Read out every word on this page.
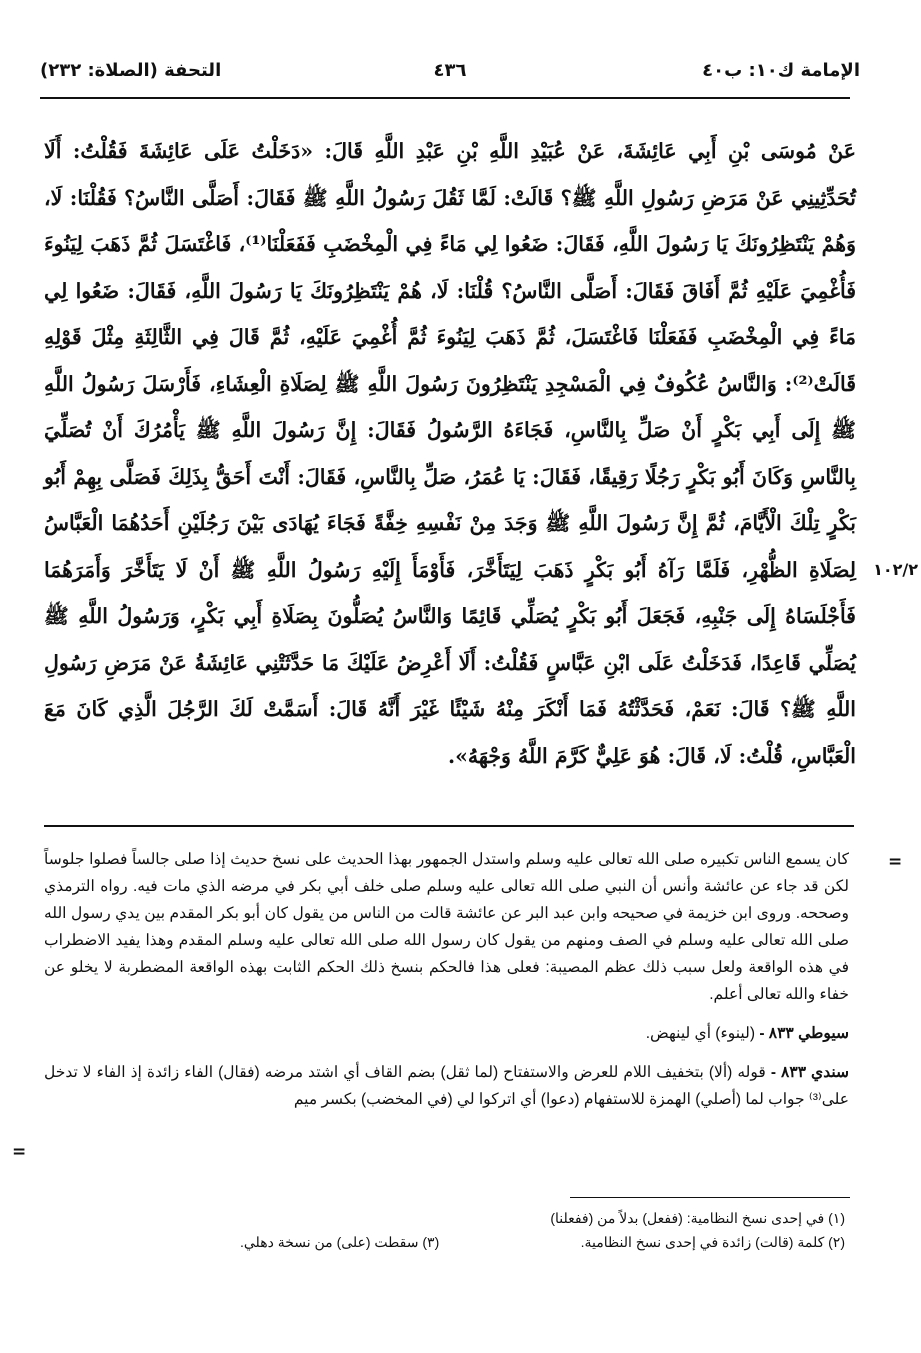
الإمامة ك١٠: ب٤٠
٤٣٦
التحفة (الصلاة: ٢٣٢)

عَنْ مُوسَى بْنِ أَبِي عَائِشَةَ، عَنْ عُبَيْدِ اللَّهِ بْنِ عَبْدِ اللَّهِ قَالَ: «دَخَلْتُ عَلَى عَائِشَةَ فَقُلْتُ: أَلَا تُحَدِّثِينِي عَنْ مَرَضِ رَسُولِ اللَّهِ ﷺ؟ قَالَتْ: لَمَّا ثَقُلَ رَسُولُ اللَّهِ ﷺ فَقَالَ: أَصَلَّى النَّاسُ؟ فَقُلْنَا: لَا، وَهُمْ يَنْتَظِرُونَكَ يَا رَسُولَ اللَّهِ، فَقَالَ: ضَعُوا لِي مَاءً فِي الْمِخْضَبِ فَفَعَلْنَا⁽¹⁾، فَاغْتَسَلَ ثُمَّ ذَهَبَ لِيَنُوءَ فَأُغْمِيَ عَلَيْهِ ثُمَّ أَفَاقَ فَقَالَ: أَصَلَّى النَّاسُ؟ قُلْنَا: لَا، هُمْ يَنْتَظِرُونَكَ يَا رَسُولَ اللَّهِ، فَقَالَ: ضَعُوا لِي مَاءً فِي الْمِخْضَبِ فَفَعَلْنَا فَاغْتَسَلَ، ثُمَّ ذَهَبَ لِيَنُوءَ ثُمَّ أُغْمِيَ عَلَيْهِ، ثُمَّ قَالَ فِي الثَّالِثَةِ مِثْلَ قَوْلِهِ قَالَتْ⁽²⁾: وَالنَّاسُ عُكُوفٌ فِي الْمَسْجِدِ يَنْتَظِرُونَ رَسُولَ اللَّهِ ﷺ لِصَلَاةِ الْعِشَاءِ، فَأَرْسَلَ رَسُولُ اللَّهِ ﷺ إِلَى أَبِي بَكْرٍ أَنْ صَلِّ بِالنَّاسِ، فَجَاءَهُ الرَّسُولُ فَقَالَ: إِنَّ رَسُولَ اللَّهِ ﷺ يَأْمُرُكَ أَنْ تُصَلِّيَ بِالنَّاسِ وَكَانَ أَبُو بَكْرٍ رَجُلًا رَقِيقًا، فَقَالَ: يَا عُمَرُ، صَلِّ بِالنَّاسِ، فَقَالَ: أَنْتَ أَحَقُّ بِذَلِكَ فَصَلَّى بِهِمْ أَبُو بَكْرٍ تِلْكَ الْأَيَّامَ، ثُمَّ إِنَّ رَسُولَ اللَّهِ ﷺ وَجَدَ مِنْ نَفْسِهِ خِفَّةً فَجَاءَ يُهَادَى بَيْنَ رَجُلَيْنِ أَحَدُهُمَا الْعَبَّاسُ لِصَلَاةِ الظُّهْرِ، فَلَمَّا رَآهُ أَبُو بَكْرٍ ذَهَبَ لِيَتَأَخَّرَ، فَأَوْمَأَ إِلَيْهِ رَسُولُ اللَّهِ ﷺ أَنْ لَا يَتَأَخَّرَ وَأَمَرَهُمَا فَأَجْلَسَاهُ إِلَى جَنْبِهِ، فَجَعَلَ أَبُو بَكْرٍ يُصَلِّي قَائِمًا وَالنَّاسُ يُصَلُّونَ بِصَلَاةِ أَبِي بَكْرٍ، وَرَسُولُ اللَّهِ ﷺ يُصَلِّي قَاعِدًا، فَدَخَلْتُ عَلَى ابْنِ عَبَّاسٍ فَقُلْتُ: أَلَا أَعْرِضُ عَلَيْكَ مَا حَدَّثَتْنِي عَائِشَةُ عَنْ مَرَضِ رَسُولِ اللَّهِ ﷺ؟ قَالَ: نَعَمْ، فَحَدَّثْتُهُ فَمَا أَنْكَرَ مِنْهُ شَيْئًا غَيْرَ أَنَّهُ قَالَ: أَسَمَّتْ لَكَ الرَّجُلَ الَّذِي كَانَ مَعَ الْعَبَّاسِ، قُلْتُ: لَا، قَالَ: هُوَ عَلِيٌّ كَرَّمَ اللَّهُ وَجْهَهُ».

١٠٢/٢
=
=

كان يسمع الناس تكبيره صلى الله تعالى عليه وسلم واستدل الجمهور بهذا الحديث على نسخ حديث إذا صلى جالساً فصلوا جلوساً لكن قد جاء عن عائشة وأنس أن النبي صلى الله تعالى عليه وسلم صلى خلف أبي بكر في مرضه الذي مات فيه. رواه الترمذي وصححه. وروى ابن خزيمة في صحيحه وابن عبد البر عن عائشة قالت من الناس من يقول كان أبو بكر المقدم بين يدي رسول الله صلى الله تعالى عليه وسلم في الصف ومنهم من يقول كان رسول الله صلى الله تعالى عليه وسلم المقدم وهذا يفيد الاضطراب في هذه الواقعة ولعل سبب ذلك عظم المصيبة: فعلى هذا فالحكم بنسخ ذلك الحكم الثابت بهذه الواقعة المضطربة لا يخلو عن خفاء والله تعالى أعلم.

سيوطي ٨٣٣ - (لينوء) أي لينهض.

سندي ٨٣٣ - قوله (ألا) بتخفيف اللام للعرض والاستفتاح (لما ثقل) بضم القاف أي اشتد مرضه (فقال) الفاء زائدة إذ الفاء لا تدخل على⁽³⁾ جواب لما (أصلي) الهمزة للاستفهام (دعوا) أي اتركوا لي (في المخضب) بكسر ميم

(١) في إحدى نسخ النظامية: (ففعل) بدلاً من (ففعلنا)
(٢) كلمة (قالت) زائدة في إحدى نسخ النظامية.
(٣) سقطت (على) من نسخة دهلي.
